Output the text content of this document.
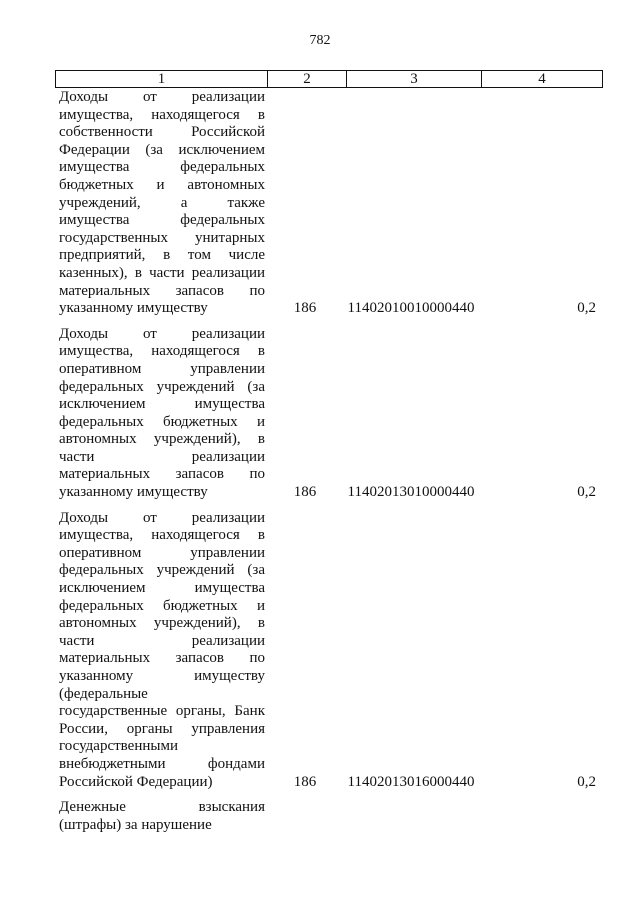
782
1	2	3	4
Доходы от реализации
имущества, находящегося в
собственности Российской
Федерации (за исключением
имущества федеральных
бюджетных и автономных
учреждений, а также
имущества федеральных
государственных унитарных
предприятий, в том числе
казенных), в части реализации
материальных запасов по
указанному имуществу	186	11402010010000440	0,2
Доходы от реализации
имущества, находящегося в
оперативном управлении
федеральных учреждений (за
исключением имущества
федеральных бюджетных и
автономных учреждений), в
части реализации
материальных запасов по
указанному имуществу	186	11402013010000440	0,2
Доходы от реализации
имущества, находящегося в
оперативном управлении
федеральных учреждений (за
исключением имущества
федеральных бюджетных и
автономных учреждений), в
части реализации
материальных запасов по
указанному имуществу
(федеральные
государственные органы, Банк
России, органы управления
государственными
внебюджетными фондами
Российской Федерации)	186	11402013016000440	0,2
Денежные взыскания
(штрафы) за нарушение
